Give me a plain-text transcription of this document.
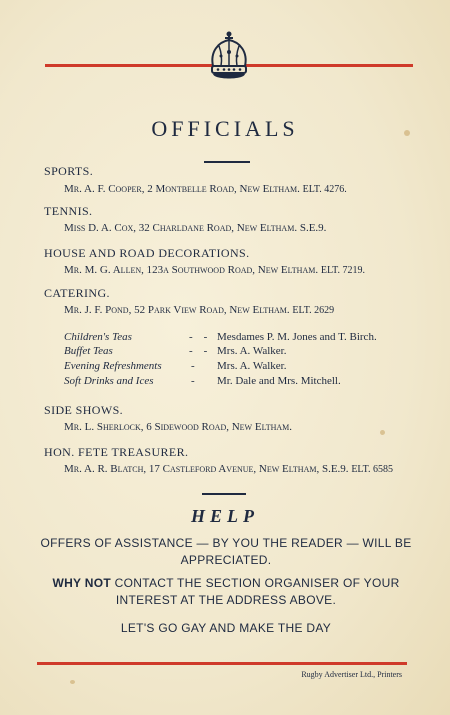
OFFICIALS
SPORTS.
Mr. A. F. Cooper, 2 Montbelle Road, New Eltham. ELT. 4276.
TENNIS.
Miss D. A. Cox, 32 Charldane Road, New Eltham. S.E.9.
HOUSE AND ROAD DECORATIONS.
Mr. M. G. Allen, 123a Southwood Road, New Eltham. ELT. 7219.
CATERING.
Mr. J. F. Pond, 52 Park View Road, New Eltham. ELT. 2629
Children's Teas	-    - Mesdames P. M. Jones and T. Birch.
Buffet Teas	-    - Mrs. A. Walker.
Evening Refreshments	- Mrs. A. Walker.
Soft Drinks and Ices	- Mr. Dale and Mrs. Mitchell.
SIDE SHOWS.
Mr. L. Sherlock, 6 Sidewood Road, New Eltham.
HON. FETE TREASURER.
Mr. A. R. Blatch, 17 Castleford Avenue, New Eltham, S.E.9. ELT. 6585
HELP
OFFERS OF ASSISTANCE — BY YOU THE READER — WILL BE APPRECIATED.
WHY NOT CONTACT THE SECTION ORGANISER OF YOUR INTEREST AT THE ADDRESS ABOVE.
LET'S GO GAY AND MAKE THE DAY
Rugby Advertiser Ltd., Printers
